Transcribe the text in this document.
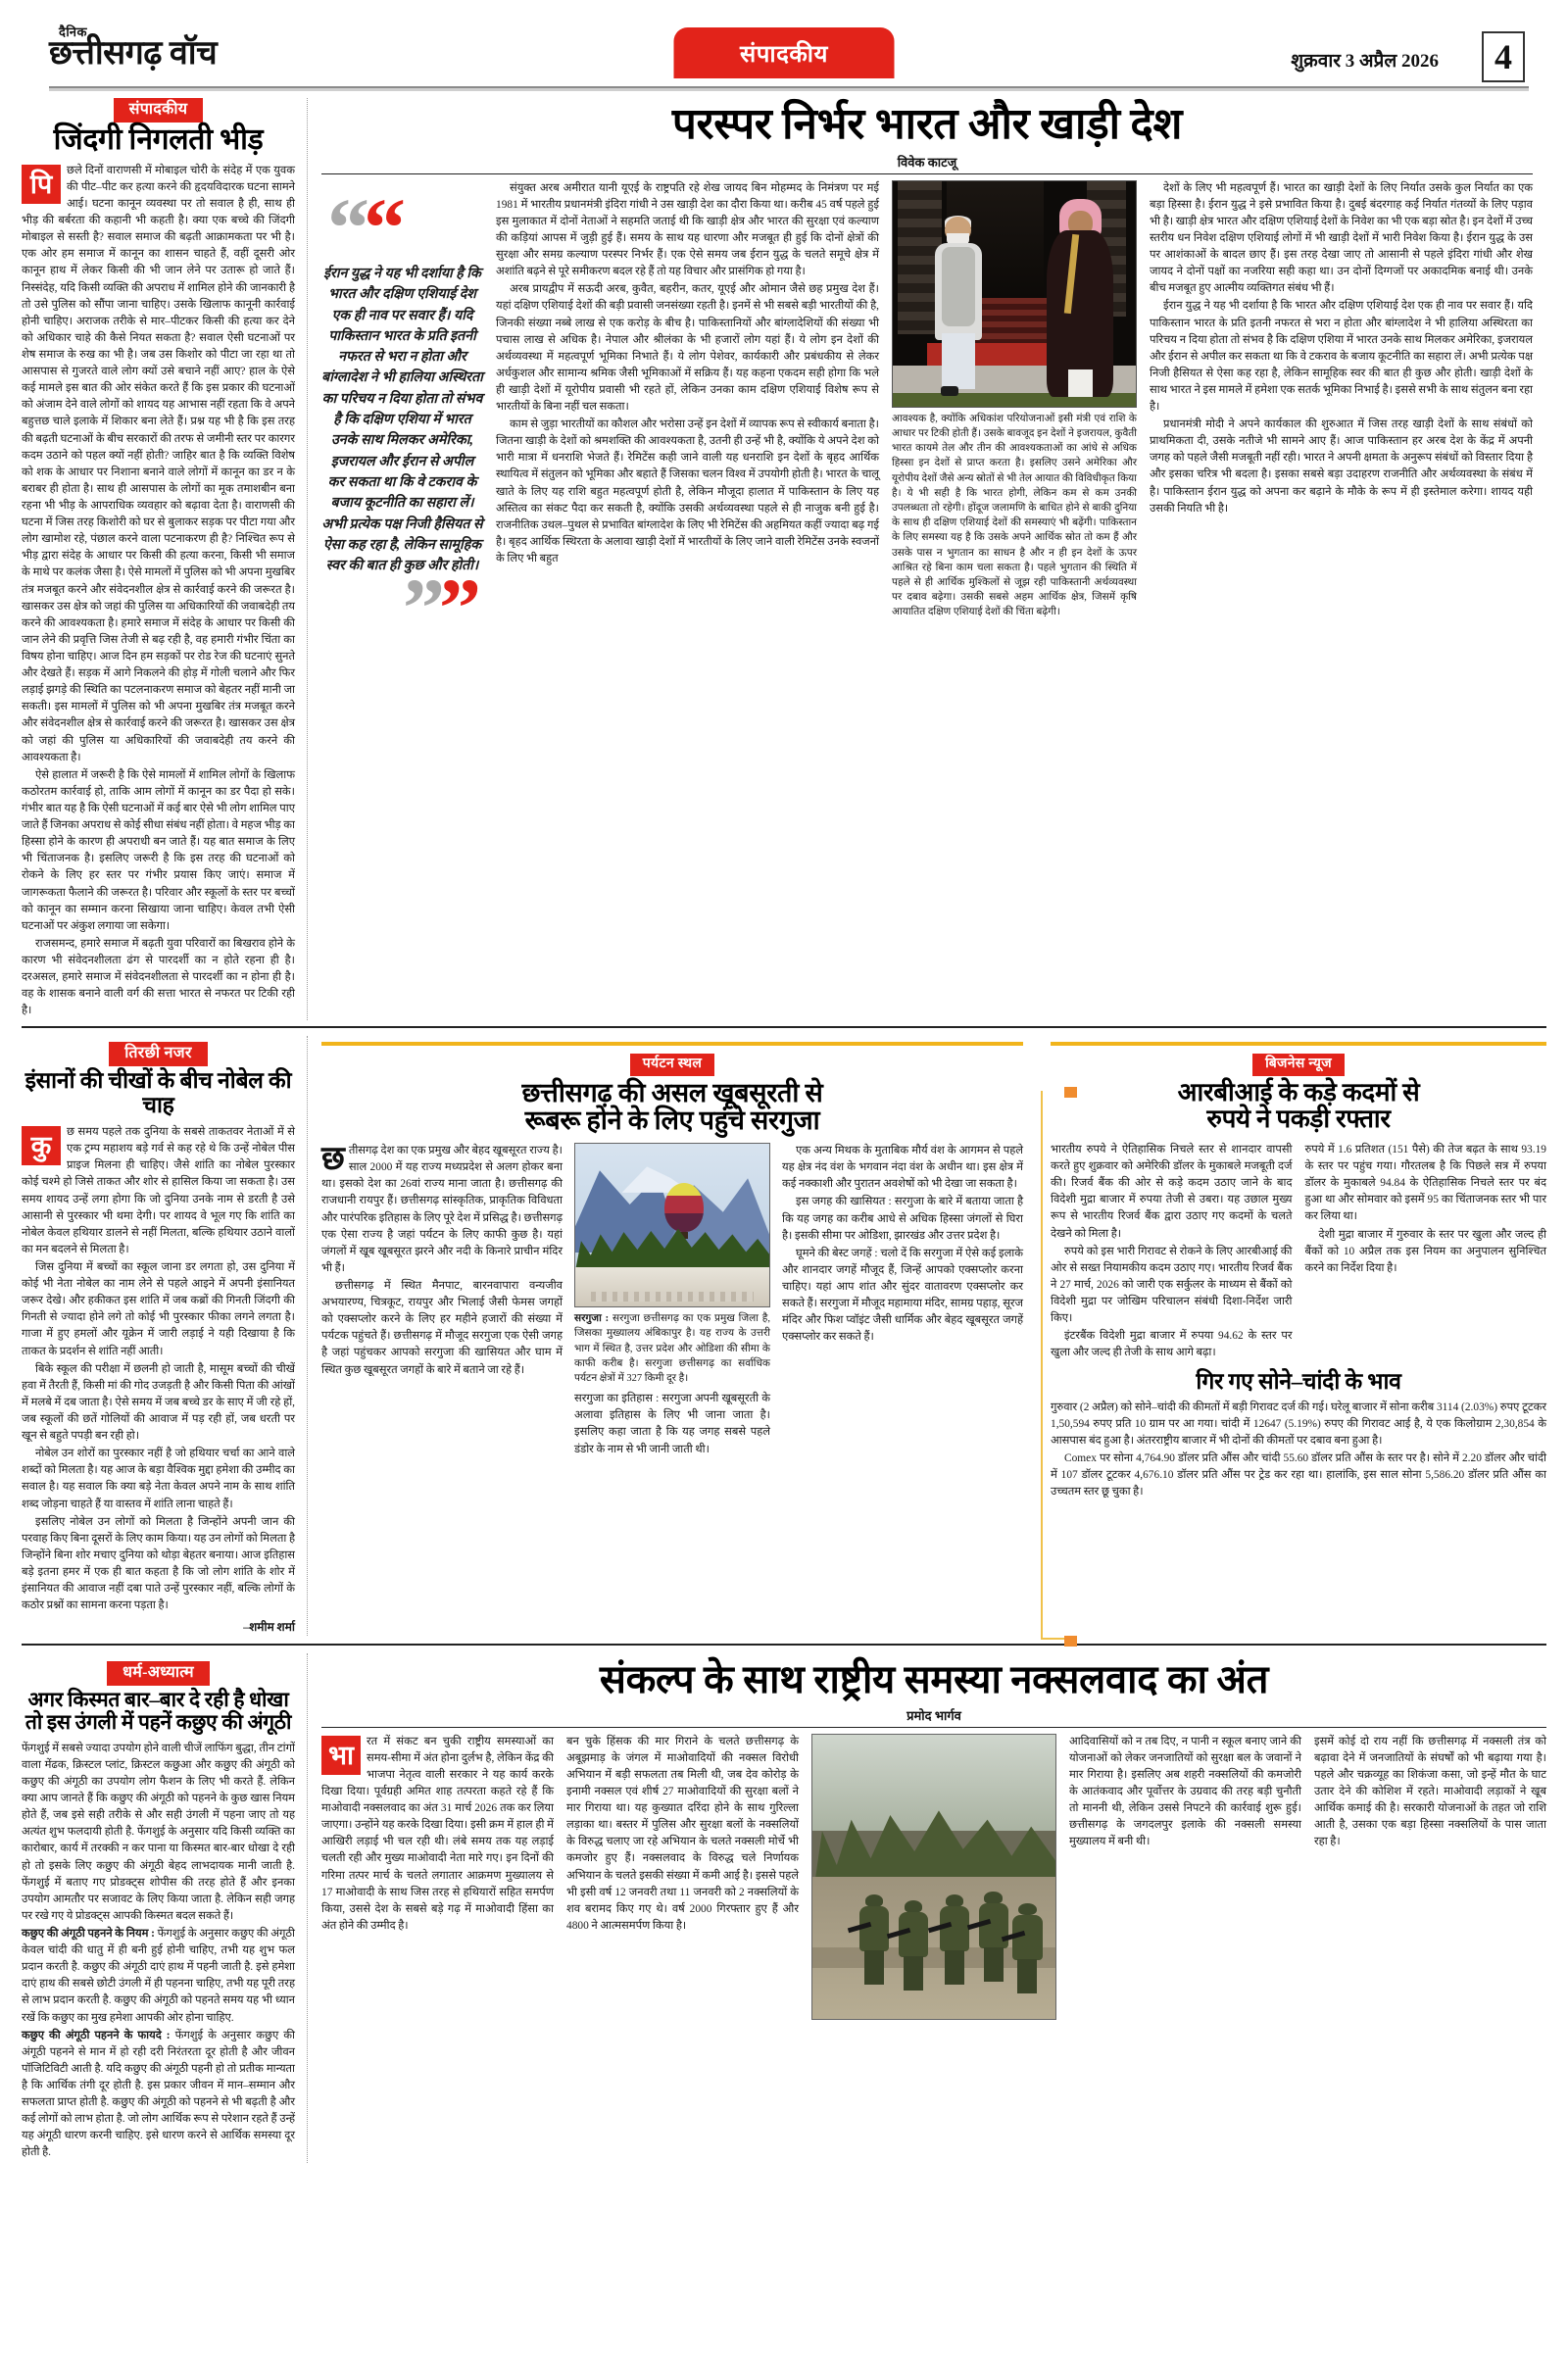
दैनिक
छत्तीसगढ़ वॉच	संपादकीय	शुक्रवार 3 अप्रैल 2026	4
संपादकीय
जिंदगी निगलती भीड़

पि	छले दिनों वाराणसी में मोबाइल चोरी के संदेह में एक युवक की पीट–पीट कर हत्या करने की हृदयविदारक घटना सामने आई। घटना कानून व्यवस्था पर तो सवाल है ही, साथ ही भीड़ की बर्बरता की कहानी भी कहती है। क्या एक बच्चे की जिंदगी मोबाइल से सस्ती है? सवाल समाज की बढ़ती आक्रामकता पर भी है। एक ओर हम समाज में कानून का शासन चाहते हैं, वहीं दूसरी ओर कानून हाथ में लेकर किसी की भी जान लेने पर उतारू हो जाते हैं। निस्संदेह, यदि किसी व्यक्ति की अपराध में शामिल होने की जानकारी है तो उसे पुलिस को सौंपा जाना चाहिए। उसके खिलाफ कानूनी कार्रवाई होनी चाहिए। अराजक तरीके से मार–पीटकर किसी की हत्या कर देने को अधिकार चाहे की कैसे नियत सकता है? सवाल ऐसी घटनाओं पर शेष समाज के रुख का भी है। जब उस किशोर को पीटा जा रहा था तो आसपास से गुजरते वाले लोग क्यों उसे बचाने नहीं आए? हाल के ऐसे कई मामले इस बात की ओर संकेत करते हैं कि इस प्रकार की घटनाओं को अंजाम देने वाले लोगों को शायद यह आभास नहीं रहता कि वे अपने बहुत्तछ चाले इलाके में शिकार बना लेते हैं। प्रश्न यह भी है कि इस तरह की बढ़ती घटनाओं के बीच सरकारों की तरफ से जमीनी स्तर पर कारगर कदम उठाने को पहल क्यों नहीं होती? जाहिर बात है कि व्यक्ति विशेष को शक के आधार पर निशाना बनाने वाले लोगों में कानून का डर न के बराबर ही होता है। साथ ही आसपास के लोगों का मूक तमाशबीन बना रहना भी भीड़ के आपराधिक व्यवहार को बढ़ावा देता है। वाराणसी की घटना में जिस तरह किशोरी को घर से बुलाकर सड़क पर पीटा गया और लोग खामोश रहे, पंछाल करने वाला पटनाकरण ही है? निश्चित रूप से भीड़ द्वारा संदेह के आधार पर किसी की हत्या करना, किसी भी समाज के माथे पर कलंक जैसा है। ऐसे मामलों में पुलिस को भी अपना मुखबिर तंत्र मजबूत करने और संवेदनशील क्षेत्र से कार्रवाई करने की जरूरत है। खासकर उस क्षेत्र को जहां की पुलिस या अधिकारियों की जवाबदेही तय करने की आवश्यकता है। हमारे समाज में संदेह के आधार पर किसी की जान लेने की प्रवृत्ति जिस तेजी से बढ़ रही है, वह हमारी गंभीर चिंता का विषय होना चाहिए। आज दिन हम सड़कों पर रोड रेज की घटनाएं सुनते और देखते हैं। सड़क में आगे निकलने की होड़ में गोली चलाने और फिर लड़ाई झगड़े की स्थिति का पटलनाकरण समाज को बेहतर नहीं मानी जा सकती। इस मामलों में पुलिस को भी अपना मुखबिर तंत्र मजबूत करने और संवेदनशील क्षेत्र से कार्रवाई करने की जरूरत है। खासकर उस क्षेत्र को जहां की पुलिस या अधिकारियों की जवाबदेही तय करने की आवश्यकता है।

ऐसे हालात में जरूरी है कि ऐसे मामलों में शामिल लोगों के खिलाफ कठोरतम कार्रवाई हो, ताकि आम लोगों में कानून का डर पैदा हो सके। गंभीर बात यह है कि ऐसी घटनाओं में कई बार ऐसे भी लोग शामिल पाए जाते हैं जिनका अपराध से कोई सीधा संबंध नहीं होता। वे महज भीड़ का हिस्सा होने के कारण ही अपराधी बन जाते हैं। यह बात समाज के लिए भी चिंताजनक है। इसलिए जरूरी है कि इस तरह की घटनाओं को रोकने के लिए हर स्तर पर गंभीर प्रयास किए जाएं। समाज में जागरूकता फैलाने की जरूरत है। परिवार और स्कूलों के स्तर पर बच्चों को कानून का सम्मान करना सिखाया जाना चाहिए। केवल तभी ऐसी घटनाओं पर अंकुश लगाया जा सकेगा।

राजसमन्द, हमारे समाज में बढ़ती युवा परिवारों का बिखराव होने के कारण भी संवेदनशीलता ढंग से पारदर्शी का न होते रहना ही है। दरअसल, हमारे समाज में संवेदनशीलता से पारदर्शी का न होना ही है। वह के शासक बनाने वाली वर्ग की सत्ता भारत से नफरत पर टिकी रही है।

परस्पर निर्भर भारत और खाड़ी देश
विवेक काटजू
““
ईरान युद्ध ने यह भी दर्शाया है कि भारत और दक्षिण एशियाई देश एक ही नाव पर सवार हैं। यदि पाकिस्तान भारत के प्रति इतनी नफरत से भरा न होता और बांग्लादेश ने भी हालिया अस्थिरता का परिचय न दिया होता तो संभव है कि दक्षिण एशिया में भारत उनके साथ मिलकर अमेरिका, इजरायल और ईरान से अपील कर सकता था कि वे टकराव के बजाय कूटनीति का सहारा लें। अभी प्रत्येक पक्ष निजी हैसियत से ऐसा कह रहा है, लेकिन सामूहिक स्वर की बात ही कुछ और होती।
””

संयुक्त अरब अमीरात यानी यूएई के राष्ट्रपति रहे शेख जायद बिन मोहम्मद के निमंत्रण पर मई 1981 में भारतीय प्रधानमंत्री इंदिरा गांधी ने उस खाड़ी देश का दौरा किया था। करीब 45 वर्ष पहले हुई इस मुलाकात में दोनों नेताओं ने सहमति जताई थी कि खाड़ी क्षेत्र और भारत की सुरक्षा एवं कल्याण की कड़ियां आपस में जुड़ी हुई हैं। समय के साथ यह धारणा और मजबूत ही हुई कि दोनों क्षेत्रों की सुरक्षा और समग्र कल्याण परस्पर निर्भर हैं। एक ऐसे समय जब ईरान युद्ध के चलते समूचे क्षेत्र में अशांति बढ़ने से पूरे समीकरण बदल रहे हैं तो यह विचार और प्रासंगिक हो गया है।

अरब प्रायद्वीप में सऊदी अरब, कुवैत, बहरीन, कतर, यूएई और ओमान जैसे छह प्रमुख देश हैं। यहां दक्षिण एशियाई देशों की बड़ी प्रवासी जनसंख्या रहती है। इनमें से भी सबसे बड़ी भारतीयों की है, जिनकी संख्या नब्बे लाख से एक करोड़ के बीच है। पाकिस्तानियों और बांग्लादेशियों की संख्या भी पचास लाख से अधिक है। नेपाल और श्रीलंका के भी हजारों लोग यहां हैं। ये लोग इन देशों की अर्थव्यवस्था में महत्वपूर्ण भूमिका निभाते हैं। ये लोग पेशेवर, कार्यकारी और प्रबंधकीय से लेकर अर्धकुशल और सामान्य श्रमिक जैसी भूमिकाओं में सक्रिय हैं। यह कहना एकदम सही होगा कि भले ही खाड़ी देशों में यूरोपीय प्रवासी भी रहते हों, लेकिन उनका काम दक्षिण एशियाई विशेष रूप से भारतीयों के बिना नहीं चल सकता।

काम से जुड़ा भारतीयों का कौशल और भरोसा उन्हें इन देशों में व्यापक रूप से स्वीकार्य बनाता है। जितना खाड़ी के देशों को श्रमशक्ति की आवश्यकता है, उतनी ही उन्हें भी है, क्योंकि ये अपने देश को भारी मात्रा में धनराशि भेजते हैं। रेमिटेंस कही जाने वाली यह धनराशि इन देशों के बृहद आर्थिक स्थायित्व में संतुलन को भूमिका और बहाते हैं जिसका चलन विश्व में उपयोगी होती है। भारत के चालू खाते के लिए यह राशि बहुत महत्वपूर्ण होती है, लेकिन मौजूदा हालात में पाकिस्तान के लिए यह अस्तित्व का संकट पैदा कर सकती है, क्योंकि उसकी अर्थव्यवस्था पहले से ही नाजुक बनी हुई है। राजनीतिक उथल–पुथल से प्रभावित बांग्लादेश के लिए भी रेमिटेंस की अहमियत कहीं ज्यादा बढ़ गई है। बृहद आर्थिक स्थिरता के अलावा खाड़ी देशों में भारतीयों के लिए जाने वाली रेमिटेंस उनके स्वजनों के लिए भी बहुत

आवश्यक है, क्योंकि अधिकांश परियोजनाओं इसी मंत्री एवं राशि के आधार पर टिकी होती हैं। उसके बावजूद इन देशों ने इजरायल, कुवैती भारत कायमे तेल और तीन की आवश्यकताओं का आंधे से अधिक हिस्सा इन देशों से प्राप्त करता है। इसलिए उसने अमेरिका और यूरोपीय देशों जैसे अन्य स्रोतों से भी तेल आयात की विविधीकृत किया है। ये भी सही है कि भारत होगी, लेकिन कम से कम उनकी उपलब्धता तो रहेगी। होंदूज जलामणि के बाधित होने से बाकी दुनिया के साथ ही दक्षिण एशियाई देशों की समस्याएं भी बढ़ेंगी। पाकिस्तान के लिए समस्या यह है कि उसके अपने आर्थिक स्रोत तो कम हैं और उसके पास न भुगतान का साधन है और न ही इन देशों के ऊपर आश्रित रहे बिना काम चला सकता है। पहले भुगतान की स्थिति में पहले से ही आर्थिक मुश्किलों से जूझ रही पाकिस्तानी अर्थव्यवस्था पर दबाव बढ़ेगा। उसकी सबसे अहम आर्थिक क्षेत्र, जिसमें कृषि आयातित दक्षिण एशियाई देशों की चिंता बढ़ेगी।

देशों के लिए भी महत्वपूर्ण हैं। भारत का खाड़ी देशों के लिए निर्यात उसके कुल निर्यात का एक बड़ा हिस्सा है। ईरान युद्ध ने इसे प्रभावित किया है। दुबई बंदरगाह कई निर्यात गंतव्यों के लिए पड़ाव भी है। खाड़ी क्षेत्र भारत और दक्षिण एशियाई देशों के निवेश का भी एक बड़ा स्रोत है। इन देशों में उच्च स्तरीय धन निवेश दक्षिण एशियाई लोगों में भी खाड़ी देशों में भारी निवेश किया है। ईरान युद्ध के उस पर आशंकाओं के बादल छाए हैं। इस तरह देखा जाए तो आसानी से पहले इंदिरा गांधी और शेख जायद ने दोनों पक्षों का नजरिया सही कहा था। उन दोनों दिग्गजों पर अकादमिक बनाई थी। उनके बीच मजबूत हुए आत्मीय व्यक्तिगत संबंध भी हैं।

ईरान युद्ध ने यह भी दर्शाया है कि भारत और दक्षिण एशियाई देश एक ही नाव पर सवार हैं। यदि पाकिस्तान भारत के प्रति इतनी नफरत से भरा न होता और बांग्लादेश ने भी हालिया अस्थिरता का परिचय न दिया होता तो संभव है कि दक्षिण एशिया में भारत उनके साथ मिलकर अमेरिका, इजरायल और ईरान से अपील कर सकता था कि वे टकराव के बजाय कूटनीति का सहारा लें। अभी प्रत्येक पक्ष निजी हैसियत से ऐसा कह रहा है, लेकिन सामूहिक स्वर की बात ही कुछ और होती। खाड़ी देशों के साथ भारत ने इस मामले में हमेशा एक सतर्क भूमिका निभाई है। इससे सभी के साथ संतुलन बना रहा है।

प्रधानमंत्री मोदी ने अपने कार्यकाल की शुरुआत में जिस तरह खाड़ी देशों के साथ संबंधों को प्राथमिकता दी, उसके नतीजे भी सामने आए हैं। आज पाकिस्तान हर अरब देश के केंद्र में अपनी जगह को पहले जैसी मजबूती नहीं रही। भारत ने अपनी क्षमता के अनुरूप संबंधों को विस्तार दिया है और इसका चरित्र भी बदला है। इसका सबसे बड़ा उदाहरण राजनीति और अर्थव्यवस्था के संबंध में है। पाकिस्तान ईरान युद्ध को अपना कर बढ़ाने के मौके के रूप में ही इस्तेमाल करेगा। शायद यही उसकी नियति भी है।

तिरछी नजर
इंसानों की चीखों के बीच नोबेल की चाह

कु	छ समय पहले तक दुनिया के सबसे ताकतवर नेताओं में से एक ट्रम्प महाशय बड़े गर्व से कह रहे थे कि उन्हें नोबेल पीस प्राइज मिलना ही चाहिए। जैसे शांति का नोबेल पुरस्कार कोई चश्मे हो जिसे ताकत और शोर से हासिल किया जा सकता है। उस समय शायद उन्हें लगा होगा कि जो दुनिया उनके नाम से डरती है उसे आसानी से पुरस्कार भी थमा देगी। पर शायद वे भूल गए कि शांति का नोबेल केवल हथियार डालने से नहीं मिलता, बल्कि हथियार उठाने वालों का मन बदलने से मिलता है।

जिस दुनिया में बच्चों का स्कूल जाना डर लगता हो, उस दुनिया में कोई भी नेता नोबेल का नाम लेने से पहले आइने में अपनी इंसानियत जरूर देखे। और हकीकत इस शांति में जब कब्रों की गिनती जिंदगी की गिनती से ज्यादा होने लगे तो कोई भी पुरस्कार फीका लगने लगता है। गाजा में हुए हमलों और यूक्रेन में जारी लड़ाई ने यही दिखाया है कि ताकत के प्रदर्शन से शांति नहीं आती।

बिके स्कूल की परीक्षा में छलनी हो जाती है, मासूम बच्चों की चीखें हवा में तैरती हैं, किसी मां की गोद उजड़ती है और किसी पिता की आंखों में मलबे में दब जाता है। ऐसे समय में जब बच्चे डर के साए में जी रहे हों, जब स्कूलों की छतें गोलियों की आवाज में पड़ रही हों, जब धरती पर खून से बहुते पपड़ी बन रही हो।

नोबेल उन शोरों का पुरस्कार नहीं है जो हथियार चर्चा का आने वाले शब्दों को मिलता है। यह आज के बड़ा वैश्विक मुद्दा हमेशा की उम्मीद का सवाल है। यह सवाल कि क्या बड़े नेता केवल अपने नाम के साथ शांति शब्द जोड़ना चाहते हैं या वास्तव में शांति लाना चाहते हैं।

इसलिए नोबेल उन लोगों को मिलता है जिन्होंने अपनी जान की परवाह किए बिना दूसरों के लिए काम किया। यह उन लोगों को मिलता है जिन्होंने बिना शोर मचाए दुनिया को थोड़ा बेहतर बनाया। आज इतिहास बड़े इतना हमर में एक ही बात कहता है कि जो लोग शांति के शोर में इंसानियत की आवाज नहीं दबा पाते उन्हें पुरस्कार नहीं, बल्कि लोगों के कठोर प्रश्नों का सामना करना पड़ता है।

–शमीम शर्मा
पर्यटन स्थल
छत्तीसगढ़ की असल खूबसूरती से
रूबरू होने के लिए पहुंचे सरगुजा

छ तीसगढ़ देश का एक प्रमुख और बेहद खूबसूरत राज्य है। साल 2000 में यह राज्य मध्यप्रदेश से अलग होकर बना था। इसको देश का 26वां राज्य माना जाता है। छत्तीसगढ़ की राजधानी रायपुर हैं। छत्तीसगढ़ सांस्कृतिक, प्राकृतिक विविधता और पारंपरिक इतिहास के लिए पूरे देश में प्रसिद्ध है। छत्तीसगढ़ एक ऐसा राज्य है जहां पर्यटन के लिए काफी कुछ है। यहां जंगलों में खूब खूबसूरत झरने और नदी के किनारे प्राचीन मंदिर भी हैं।

छत्तीसगढ़ में स्थित मैनपाट, बारनवापारा वन्यजीव अभयारण्य, चित्रकूट, रायपुर और भिलाई जैसी फेमस जगहों को एक्सप्लोर करने के लिए हर महीने हजारों की संख्या में पर्यटक पहुंचते हैं। छत्तीसगढ़ में मौजूद सरगुजा एक ऐसी जगह है जहां पहुंचकर आपको सरगुजा की खासियत और घाम में स्थित कुछ खूबसूरत जगहों के बारे में बताने जा रहे हैं।

सरगुजा : सरगुजा छत्तीसगढ़ का एक प्रमुख जिला है, जिसका मुख्यालय अंबिकापुर है। यह राज्य के उत्तरी भाग में स्थित है, उत्तर प्रदेश और ओडिशा की सीमा के काफी करीब है। सरगुजा छत्तीसगढ़ का सर्वाधिक पर्यटन क्षेत्रों में 327 किमी दूर है।

सरगुजा का इतिहास : सरगुजा अपनी खूबसूरती के अलावा इतिहास के लिए भी जाना जाता है। इसलिए कहा जाता है कि यह जगह सबसे पहले डंडोर के नाम से भी जानी जाती थी।

एक अन्य मिथक के मुताबिक मौर्य वंश के आगमन से पहले यह क्षेत्र नंद वंश के भगवान नंदा वंश के अधीन था। इस क्षेत्र में कई नक्काशी और पुरातन अवशेषों को भी देखा जा सकता है।

इस जगह की खासियत : सरगुजा के बारे में बताया जाता है कि यह जगह का करीब आधे से अधिक हिस्सा जंगलों से घिरा है। इसकी सीमा पर ओडिशा, झारखंड और उत्तर प्रदेश है।

घूमने की बेस्ट जगहें : चलो दें कि सरगुजा में ऐसे कई इलाके और शानदार जगहें मौजूद हैं, जिन्हें आपको एक्सप्लोर करना चाहिए। यहां आप शांत और सुंदर वातावरण एक्सप्लोर कर सकते हैं। सरगुजा में मौजूद महामाया मंदिर, सामग्र पहाड़, सूरज मंदिर और फिश प्वॉइंट जैसी धार्मिक और बेहद खूबसूरत जगहें एक्सप्लोर कर सकते हैं।

बिजनेस न्यूज
आरबीआई के कड़े कदमों से
रुपये ने पकड़ी रफ्तार

भारतीय रुपये ने ऐतिहासिक निचले स्तर से शानदार वापसी करते हुए शुक्रवार को अमेरिकी डॉलर के मुकाबले मजबूती दर्ज की। रिजर्व बैंक की ओर से कड़े कदम उठाए जाने के बाद विदेशी मुद्रा बाजार में रुपया तेजी से उबरा। यह उछाल मुख्य रूप से भारतीय रिजर्व बैंक द्वारा उठाए गए कदमों के चलते देखने को मिला है।

रुपये को इस भारी गिरावट से रोकने के लिए आरबीआई की ओर से सख्त नियामकीय कदम उठाए गए। भारतीय रिजर्व बैंक ने 27 मार्च, 2026 को जारी एक सर्कुलर के माध्यम से बैंकों को विदेशी मुद्रा पर जोखिम परिचालन संबंधी दिशा-निर्देश जारी किए।

इंटरबैंक विदेशी मुद्रा बाजार में रुपया 94.62 के स्तर पर खुला और जल्द ही तेजी के साथ आगे बढ़ा।

रुपये में 1.6 प्रतिशत (151 पैसे) की तेज बढ़त के साथ 93.19 के स्तर पर पहुंच गया। गौरतलब है कि पिछले सत्र में रुपया डॉलर के मुकाबले 94.84 के ऐतिहासिक निचले स्तर पर बंद हुआ था और सोमवार को इसमें 95 का चिंताजनक स्तर भी पार कर लिया था।

देशी मुद्रा बाजार में गुरुवार के स्तर पर खुला और जल्द ही बैंकों को 10 अप्रैल तक इस नियम का अनुपालन सुनिश्चित करने का निर्देश दिया है।

गिर गए सोने–चांदी के भाव

गुरुवार (2 अप्रैल) को सोने–चांदी की कीमतों में बड़ी गिरावट दर्ज की गई। घरेलू बाजार में सोना करीब 3114 (2.03%) रुपए टूटकर 1,50,594 रुपए प्रति 10 ग्राम पर आ गया। चांदी में 12647 (5.19%) रुपए की गिरावट आई है, ये एक किलोग्राम 2,30,854 के आसपास बंद हुआ है। अंतरराष्ट्रीय बाजार में भी दोनों की कीमतों पर दबाव बना हुआ है।

Comex पर सोना 4,764.90 डॉलर प्रति औंस और चांदी 55.60 डॉलर प्रति औंस के स्तर पर है। सोने में 2.20 डॉलर और चांदी में 107 डॉलर टूटकर 4,676.10 डॉलर प्रति औंस पर ट्रेड कर रहा था। हालांकि, इस साल सोना 5,586.20 डॉलर प्रति औंस का उच्चतम स्तर छू चुका है।

धर्म-अध्यात्म
अगर किस्मत बार–बार दे रही है धोखा
तो इस उंगली में पहनें कछुए की अंगूठी

फेंगशुई में सबसे ज्यादा उपयोग होने वाली चीजें लाफिंग बुद्धा, तीन टांगों वाला मेंढक, क्रिस्टल प्लांट, क्रिस्टल कछुआ और कछुए की अंगूठी को कछुए की अंगूठी का उपयोग लोग फैशन के लिए भी करते हैं. लेकिन क्या आप जानते हैं कि कछुए की अंगूठी को पहनने के कुछ खास नियम होते हैं, जब इसे सही तरीके से और सही उंगली में पहना जाए तो यह अत्यंत शुभ फलदायी होती है. फेंगशुई के अनुसार यदि किसी व्यक्ति का कारोबार, कार्य में तरक्की न कर पाना या किस्मत बार-बार धोखा दे रही हो तो इसके लिए कछुए की अंगूठी बेहद लाभदायक मानी जाती है. फेंगशुई में बताए गए प्रोडक्ट्स शोपीस की तरह होते हैं और इनका उपयोग आमतौर पर सजावट के लिए किया जाता है. लेकिन सही जगह पर रखे गए ये प्रोडक्ट्स आपकी किस्मत बदल सकते हैं।

कछुए की अंगूठी पहनने के नियम : फेंगशुई के अनुसार कछुए की अंगूठी केवल चांदी की धातु में ही बनी हुई होनी चाहिए, तभी यह शुभ फल प्रदान करती है. कछुए की अंगूठी दाएं हाथ में पहनी जाती है. इसे हमेशा दाएं हाथ की सबसे छोटी उंगली में ही पहनना चाहिए, तभी यह पूरी तरह से लाभ प्रदान करती है. कछुए की अंगूठी को पहनते समय यह भी ध्यान रखें कि कछुए का मुख हमेशा आपकी ओर होना चाहिए.

कछुए की अंगूठी पहनने के फायदे : फेंगशुई के अनुसार कछुए की अंगूठी पहनने से मान में हो रही दरी निरंतरता दूर होती है और जीवन पॉजिटिविटी आती है. यदि कछुए की अंगूठी पहनी हो तो प्रतीक मान्यता है कि आर्थिक तंगी दूर होती है. इस प्रकार जीवन में मान–सम्मान और सफलता प्राप्त होती है. कछुए की अंगूठी को पहनने से भी बढ़ती है और कई लोगों को लाभ होता है. जो लोग आर्थिक रूप से परेशान रहते हैं उन्हें यह अंगूठी धारण करनी चाहिए. इसे धारण करने से आर्थिक समस्या दूर होती है.

संकल्प के साथ राष्ट्रीय समस्या नक्सलवाद का अंत
प्रमोद भार्गव

भा	रत में संकट बन चुकी राष्ट्रीय समस्याओं का समय-सीमा में अंत होना दुर्लभ है, लेकिन केंद्र की भाजपा नेतृत्व वाली सरकार ने यह कार्य करके दिखा दिया। पूर्वग्रही अमित शाह तत्परता कहते रहे हैं कि माओवादी नक्सलवाद का अंत 31 मार्च 2026 तक कर लिया जाएगा। उन्होंने यह करके दिखा दिया। इसी क्रम में हाल ही में आखिरी लड़ाई भी चल रही थी। लंबे समय तक यह लड़ाई चलती रही और मुख्य माओवादी नेता मारे गए। इन दिनों की गरिमा तत्पर मार्च के चलते लगातार आक्रमण मुख्यालय से 17 माओवादी के साथ जिस तरह से हथियारों सहित समर्पण किया, उससे देश के सबसे बड़े गढ़ में माओवादी हिंसा का अंत होने की उम्मीद है।

बन चुके हिंसक की मार गिराने के चलते छत्तीसगढ़ के अबूझमाड़ के जंगल में माओवादियों की नक्सल विरोधी अभियान में बड़ी सफलता तब मिली थी, जब देव कोरोड़ के इनामी नक्सल एवं शीर्ष 27 माओवादियों की सुरक्षा बलों ने मार गिराया था। यह कुख्यात दरिंदा होने के साथ गुरिल्ला लड़ाका था। बस्तर में पुलिस और सुरक्षा बलों के नक्सलियों के विरुद्ध चलाए जा रहे अभियान के चलते नक्सली मोर्चे भी कमजोर हुए हैं। नक्सलवाद के विरुद्ध चले निर्णायक अभियान के चलते इसकी संख्या में कमी आई है। इससे पहले भी इसी वर्ष 12 जनवरी तथा 11 जनवरी को 2 नक्सलियों के शव बरामद किए गए थे। वर्ष 2000 गिरफ्तार हुए हैं और 4800 ने आत्मसमर्पण किया है।

आदिवासियों को न तब दिए, न पानी न स्कूल बनाए जाने की योजनाओं को लेकर जनजातियों को सुरक्षा बल के जवानों ने मार गिराया है। इसलिए अब शहरी नक्सलियों की कमजोरी के आतंकवाद और पूर्वोत्तर के उग्रवाद की तरह बड़ी चुनौती तो माननी थी, लेकिन उससे निपटने की कार्रवाई शुरू हुई। छत्तीसगढ़ के जगदलपुर इलाके की नक्सली समस्या मुख्यालय में बनी थी।

इसमें कोई दो राय नहीं कि छत्तीसगढ़ में नक्सली तंत्र को बढ़ावा देने में जनजातियों के संघर्षों को भी बढ़ाया गया है। पहले और चक्रव्यूह का शिकंजा कसा, जो इन्हें मौत के घाट उतार देने की कोशिश में रहते। माओवादी लड़ाकों ने खूब आर्थिक कमाई की है। सरकारी योजनाओं के तहत जो राशि आती है, उसका एक बड़ा हिस्सा नक्सलियों के पास जाता रहा है।
